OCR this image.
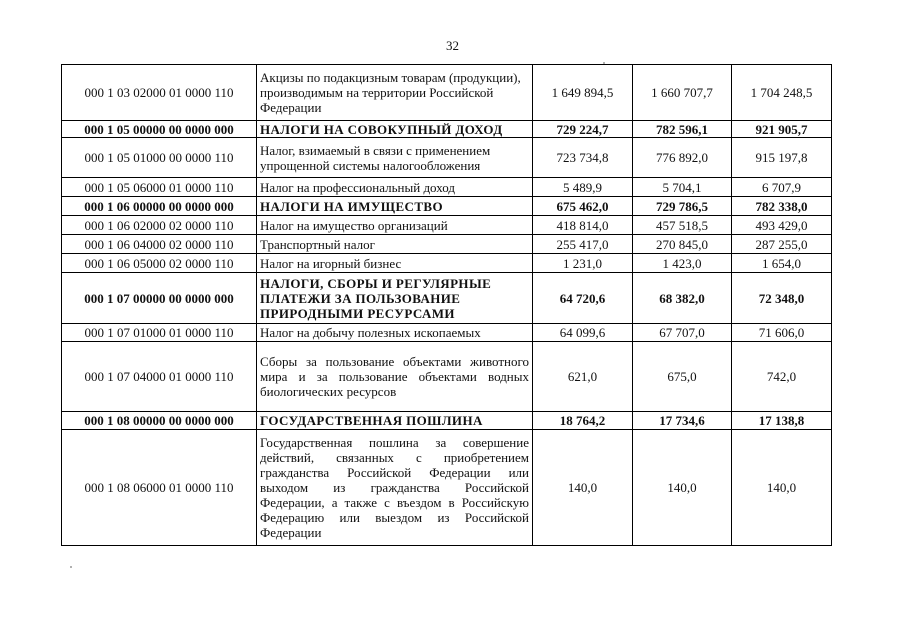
32
000 1 03 02000 01 0000 110	Акцизы по подакцизным товарам (продукции), производимым на территории Российской Федерации	1 649 894,5	1 660 707,7	1 704 248,5
000 1 05 00000 00 0000 000	НАЛОГИ НА СОВОКУПНЫЙ ДОХОД	729 224,7	782 596,1	921 905,7
000 1 05 01000 00 0000 110	Налог, взимаемый в связи с применением упрощенной системы налогообложения	723 734,8	776 892,0	915 197,8
000 1 05 06000 01 0000 110	Налог на профессиональный доход	5 489,9	5 704,1	6 707,9
000 1 06 00000 00 0000 000	НАЛОГИ НА ИМУЩЕСТВО	675 462,0	729 786,5	782 338,0
000 1 06 02000 02 0000 110	Налог на имущество организаций	418 814,0	457 518,5	493 429,0
000 1 06 04000 02 0000 110	Транспортный налог	255 417,0	270 845,0	287 255,0
000 1 06 05000 02 0000 110	Налог на игорный бизнес	1 231,0	1 423,0	1 654,0
000 1 07 00000 00 0000 000	НАЛОГИ, СБОРЫ И РЕГУЛЯРНЫЕ ПЛАТЕЖИ ЗА ПОЛЬЗОВАНИЕ ПРИРОДНЫМИ РЕСУРСАМИ	64 720,6	68 382,0	72 348,0
000 1 07 01000 01 0000 110	Налог на добычу полезных ископаемых	64 099,6	67 707,0	71 606,0
000 1 07 04000 01 0000 110	Сборы за пользование объектами животного мира и за пользование объектами водных биологических ресурсов	621,0	675,0	742,0
000 1 08 00000 00 0000 000	ГОСУДАРСТВЕННАЯ ПОШЛИНА	18 764,2	17 734,6	17 138,8
000 1 08 06000 01 0000 110	Государственная пошлина за совершение действий, связанных с приобретением гражданства Российской Федерации или выходом из гражданства Российской Федерации, а также с въездом в Российскую Федерацию или выездом из Российской Федерации	140,0	140,0	140,0
